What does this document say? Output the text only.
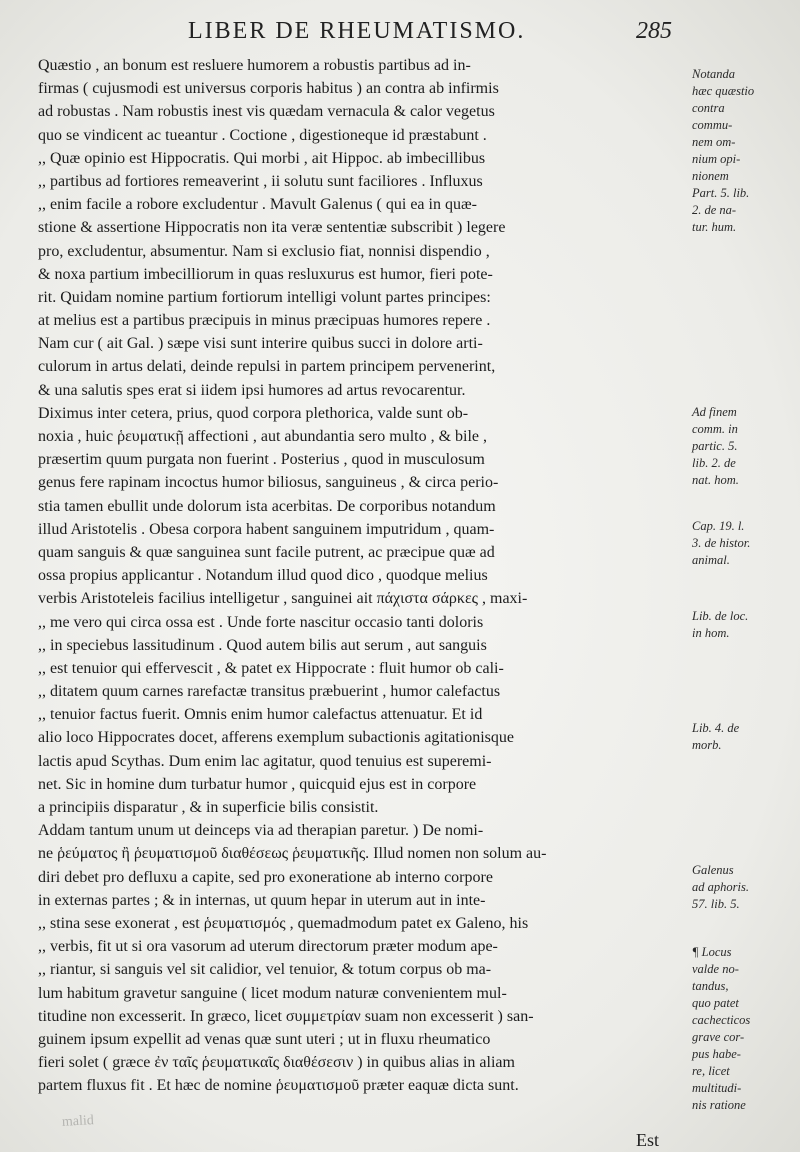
LIBER DE RHEUMATISMO.	285
Quæstio , an bonum est resluere humorem a robustis partibus ad in-
firmas ( cujusmodi est universus corporis habitus ) an contra ab infirmis
ad robustas . Nam robustis inest vis quædam vernacula & calor vegetus
quo se vindicent ac tueantur . Coctione , digestioneque id præstabunt .
,, Quæ opinio est Hippocratis. Qui morbi , ait Hippoc. ab imbecillibus
,, partibus ad fortiores remeaverint , ii solutu sunt faciliores . Influxus
,, enim facile a robore excludentur . Mavult Galenus ( qui ea in quæ-
stione & assertione Hippocratis non ita veræ sententiæ subscribit ) legere
pro, excludentur, absumentur. Nam si exclusio fiat, nonnisi dispendio ,
& noxa partium imbecilliorum in quas resluxurus est humor, fieri pote-
rit. Quidam nomine partium fortiorum intelligi volunt partes principes:
at melius est a partibus præcipuis in minus præcipuas humores repere .
Nam cur ( ait Gal. ) sæpe visi sunt interire quibus succi in dolore arti-
culorum in artus delati, deinde repulsi in partem principem pervenerint,
& una salutis spes erat si iidem ipsi humores ad artus revocarentur.
Diximus inter cetera, prius, quod corpora plethorica, valde sunt ob-
noxia , huic ῥευματικῇ affectioni , aut abundantia sero multo , & bile ,
præsertim quum purgata non fuerint . Posterius , quod in musculosum
genus fere rapinam incoctus humor biliosus, sanguineus , & circa perio-
stia tamen ebullit unde dolorum ista acerbitas. De corporibus notandum
illud Aristotelis . Obesa corpora habent sanguinem imputridum , quam-
quam sanguis & quæ sanguinea sunt facile putrent, ac præcipue quæ ad
ossa propius applicantur . Notandum illud quod dico , quodque melius
verbis Aristoteleis facilius intelligetur , sanguinei ait πάχιστα σάρκες , maxi-
,, me vero qui circa ossa est . Unde forte nascitur occasio tanti doloris
,, in speciebus lassitudinum . Quod autem bilis aut serum , aut sanguis
,, est tenuior qui effervescit , & patet ex Hippocrate : fluit humor ob cali-
,, ditatem quum carnes rarefactæ transitus præbuerint , humor calefactus
,, tenuior factus fuerit. Omnis enim humor calefactus attenuatur. Et id
alio loco Hippocrates docet, afferens exemplum subactionis agitationisque
lactis apud Scythas. Dum enim lac agitatur, quod tenuius est superemi-
net. Sic in homine dum turbatur humor , quicquid ejus est in corpore
a principiis disparatur , & in superficie bilis consistit.
Addam tantum unum ut deinceps via ad therapian paretur. ) De nomi-
ne ῥεύματος ἢ ῥευματισμοῦ διαθέσεως ῥευματικῆς. Illud nomen non solum au-
diri debet pro defluxu a capite, sed pro exoneratione ab interno corpore
in externas partes ; & in internas, ut quum hepar in uterum aut in inte-
,, stina sese exonerat , est ῥευματισμός , quemadmodum patet ex Galeno, his
,, verbis, fit ut si ora vasorum ad uterum directorum præter modum ape-
,, riantur, si sanguis vel sit calidior, vel tenuior, & totum corpus ob ma-
lum habitum gravetur sanguine ( licet modum naturæ convenientem mul-
titudine non excesserit. In græco, licet συμμετρίαν suam non excesserit ) san-
guinem ipsum expellit ad venas quæ sunt uteri ; ut in fluxu rheumatico
fieri solet ( græce ἐν ταῖς ῥευματικαῖς διαθέσεσιν ) in quibus alias in aliam
partem fluxus fit . Et hæc de nomine ῥευματισμοῦ præter eaquæ dicta sunt.
Notanda
hæc quæstio
contra
commu-
nem om-
nium opi-
nionem
Part. 5. lib.
2. de na-
tur. hum.
Ad finem
comm. in
partic. 5.
lib. 2. de
nat. hom.
Cap. 19. l.
3. de histor.
animal.
Lib. de loc.
in hom.
Lib. 4. de
morb.
Galenus
ad aphoris.
57. lib. 5.
¶ Locus
valde no-
tandus,
quo patet
cachecticos
grave cor-
pus habe-
re, licet
multitudi-
nis ratione
malid
Est
